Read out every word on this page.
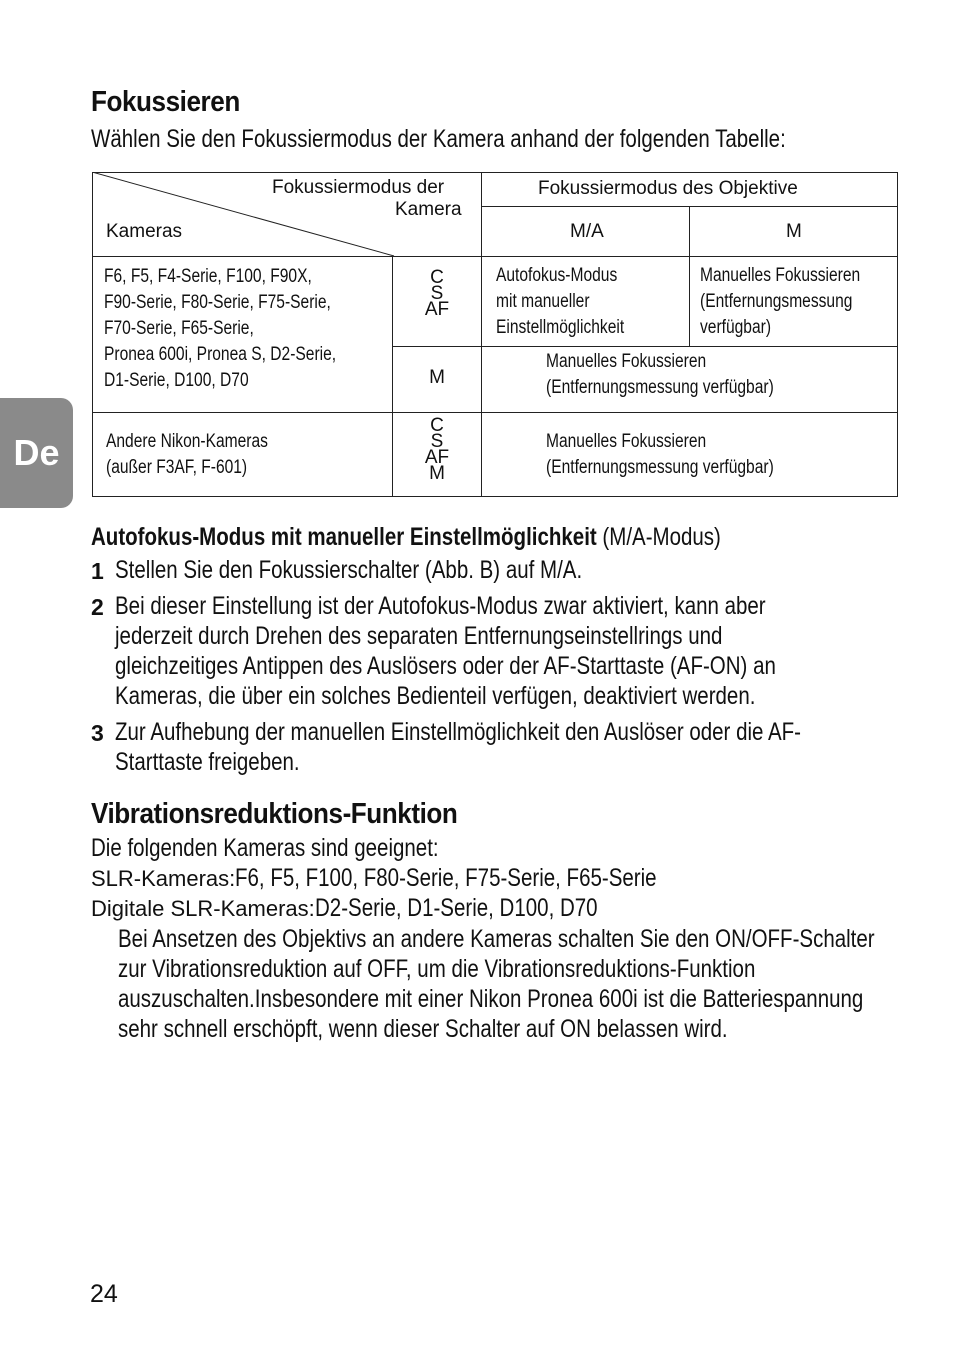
De
Fokussieren
Wählen Sie den Fokussiermodus der Kamera anhand der folgenden Tabelle:
Fokussiermodus der
Kamera
Kameras
Fokussiermodus des Objektive
M/A	M
F6, F5, F4-Serie, F100, F90X,
F90-Serie, F80-Serie, F75-Serie,
F70-Serie, F65-Serie,
Pronea 600i, Pronea S, D2-Serie,
D1-Serie, D100, D70
C
S
AF
Autofokus-Modus
mit manueller
Einstellmöglichkeit
Manuelles Fokussieren
(Entfernungsmessung
verfügbar)
M
Manuelles Fokussieren
(Entfernungsmessung verfügbar)
Andere Nikon-Kameras
(außer F3AF, F-601)
C
S
AF
M
Manuelles Fokussieren
(Entfernungsmessung verfügbar)
Autofokus-Modus mit manueller Einstellmöglichkeit (M/A-Modus)
1 Stellen Sie den Fokussierschalter (Abb. B) auf M/A.
2 Bei dieser Einstellung ist der Autofokus-Modus zwar aktiviert, kann aber
jederzeit durch Drehen des separaten Entfernungseinstellrings und
gleichzeitiges Antippen des Auslösers oder der AF-Starttaste (AF-ON) an
Kameras, die über ein solches Bedienteil verfügen, deaktiviert werden.
3 Zur Aufhebung der manuellen Einstellmöglichkeit den Auslöser oder die AF-
Starttaste freigeben.
Vibrationsreduktions-Funktion
Die folgenden Kameras sind geeignet:
SLR-Kameras:F6, F5, F100, F80-Serie, F75-Serie, F65-Serie
Digitale SLR-Kameras:D2-Serie, D1-Serie, D100, D70
Bei Ansetzen des Objektivs an andere Kameras schalten Sie den ON/OFF-Schalter
zur Vibrationsreduktion auf OFF, um die Vibrationsreduktions-Funktion
auszuschalten.Insbesondere mit einer Nikon Pronea 600i ist die Batteriespannung
sehr schnell erschöpft, wenn dieser Schalter auf ON belassen wird.
24
